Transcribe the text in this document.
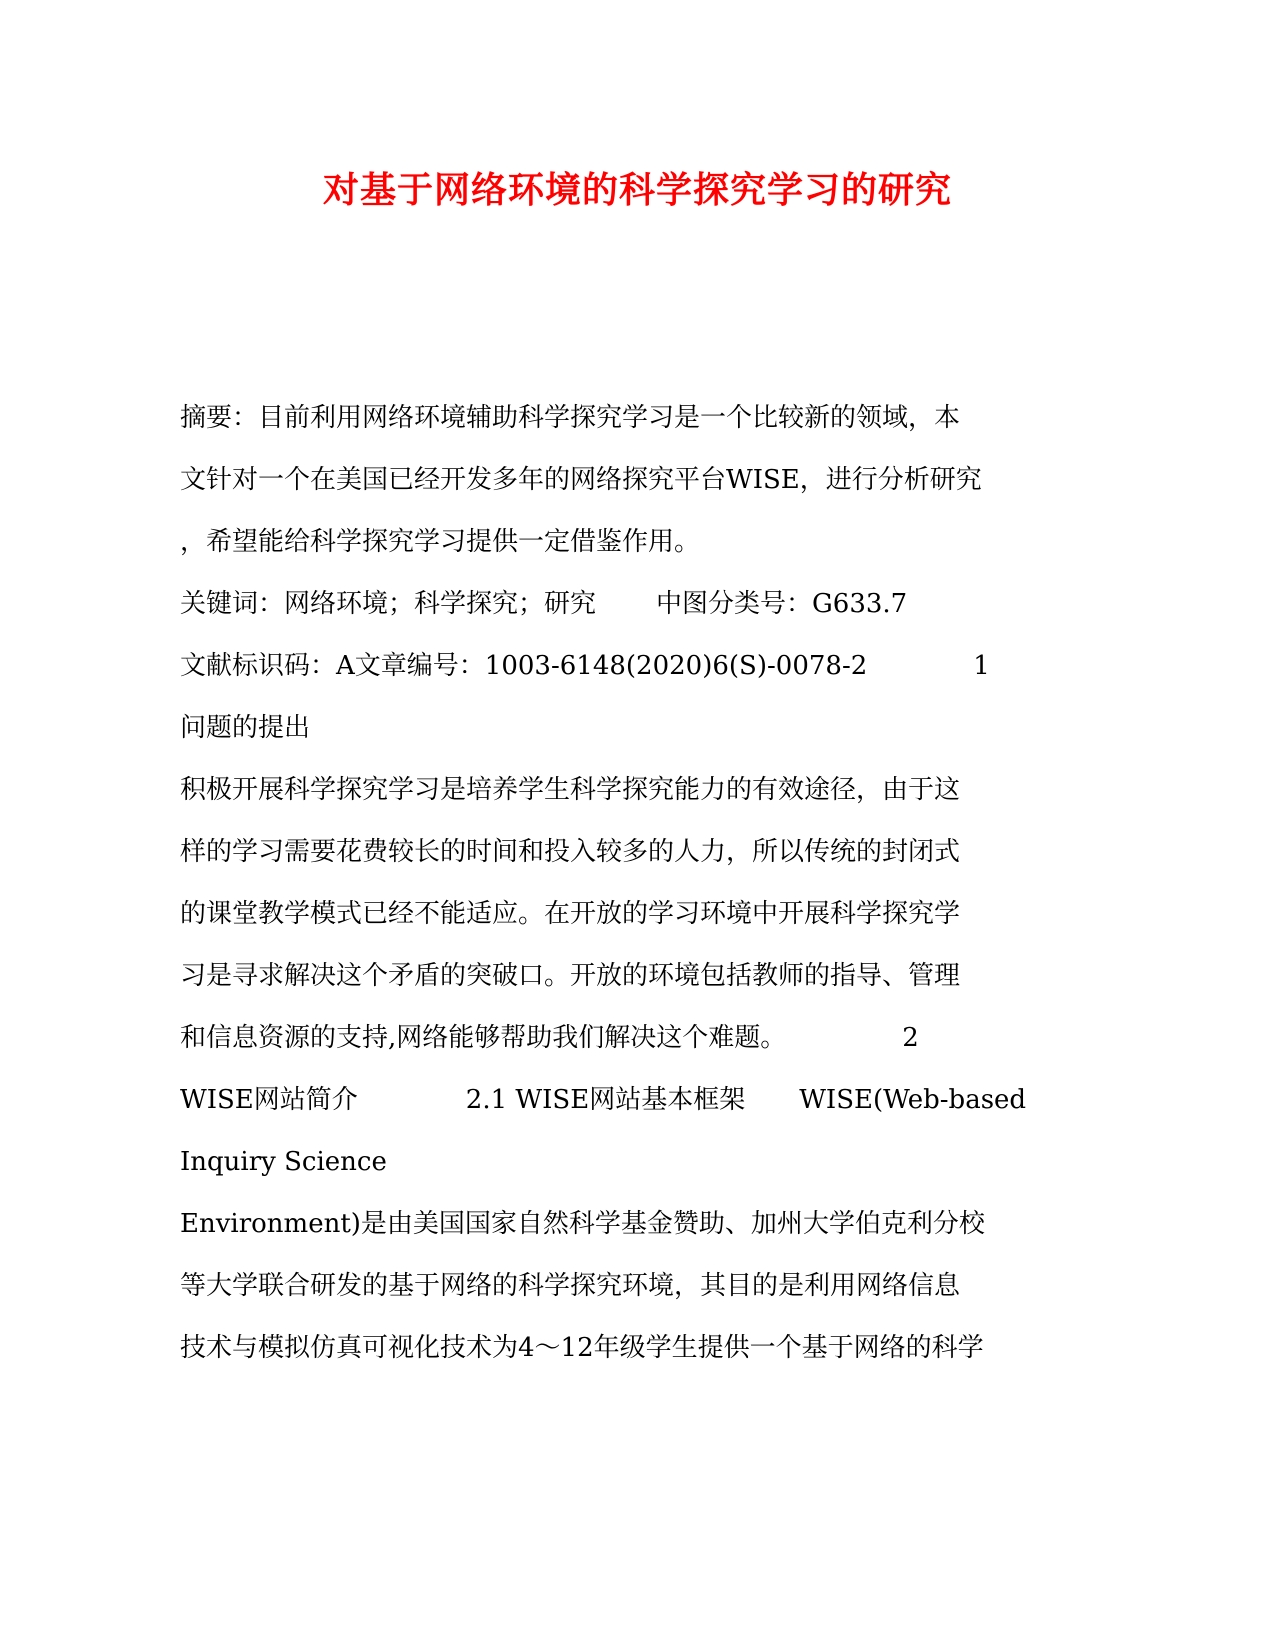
对基于网络环境的科学探究学习的研究
摘要：目前利用网络环境辅助科学探究学习是一个比较新的领域，本
文针对一个在美国已经开发多年的网络探究平台WISE，进行分析研究
，希望能给科学探究学习提供一定借鉴作用。
关键词：网络环境；科学探究；研究 中图分类号：G633.7
文献标识码：A文章编号：1003-6148(2020)6(S)-0078-2	1
问题的提出
积极开展科学探究学习是培养学生科学探究能力的有效途径，由于这
样的学习需要花费较长的时间和投入较多的人力，所以传统的封闭式
的课堂教学模式已经不能适应。在开放的学习环境中开展科学探究学
习是寻求解决这个矛盾的突破口。开放的环境包括教师的指导、管理
和信息资源的支持,网络能够帮助我们解决这个难题。	2
WISE网站简介	2.1 WISE网站基本框架 WISE(Web-based
Inquiry Science
Environment)是由美国国家自然科学基金赞助、加州大学伯克利分校
等大学联合研发的基于网络的科学探究环境，其目的是利用网络信息
技术与模拟仿真可视化技术为4～12年级学生提供一个基于网络的科学
